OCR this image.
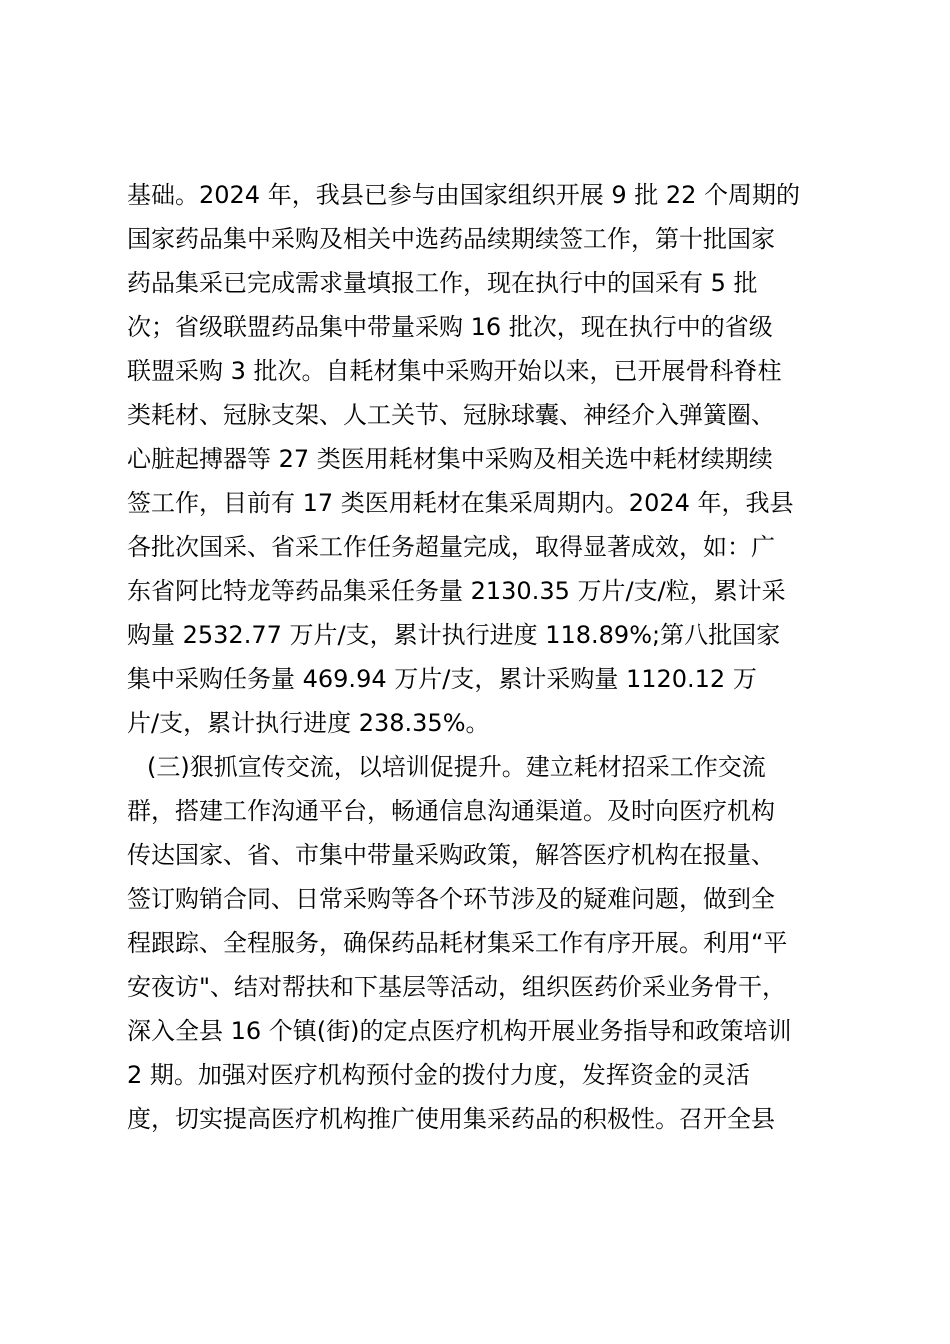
基础。2024 年，我县已参与由国家组织开展 9 批 22 个周期的
国家药品集中采购及相关中选药品续期续签工作，第十批国家
药品集采已完成需求量填报工作，现在执行中的国采有 5 批
次；省级联盟药品集中带量采购 16 批次，现在执行中的省级
联盟采购 3 批次。自耗材集中采购开始以来，已开展骨科脊柱
类耗材、冠脉支架、人工关节、冠脉球囊、神经介入弹簧圈、
心脏起搏器等 27 类医用耗材集中采购及相关选中耗材续期续
签工作，目前有 17 类医用耗材在集采周期内。2024 年，我县
各批次国采、省采工作任务超量完成，取得显著成效，如：广
东省阿比特龙等药品集采任务量 2130.35 万片/支/粒，累计采
购量 2532.77 万片/支，累计执行进度 118.89%;第八批国家
集中采购任务量 469.94 万片/支，累计采购量 1120.12 万
片/支，累计执行进度 238.35%。
(三)狠抓宣传交流，以培训促提升。建立耗材招采工作交流
群，搭建工作沟通平台，畅通信息沟通渠道。及时向医疗机构
传达国家、省、市集中带量采购政策，解答医疗机构在报量、
签订购销合同、日常采购等各个环节涉及的疑难问题，做到全
程跟踪、全程服务，确保药品耗材集采工作有序开展。利用“平
安夜访"、结对帮扶和下基层等活动，组织医药价采业务骨干，
深入全县 16 个镇(街)的定点医疗机构开展业务指导和政策培训
2 期。加强对医疗机构预付金的拨付力度，发挥资金的灵活
度，切实提高医疗机构推广使用集采药品的积极性。召开全县
